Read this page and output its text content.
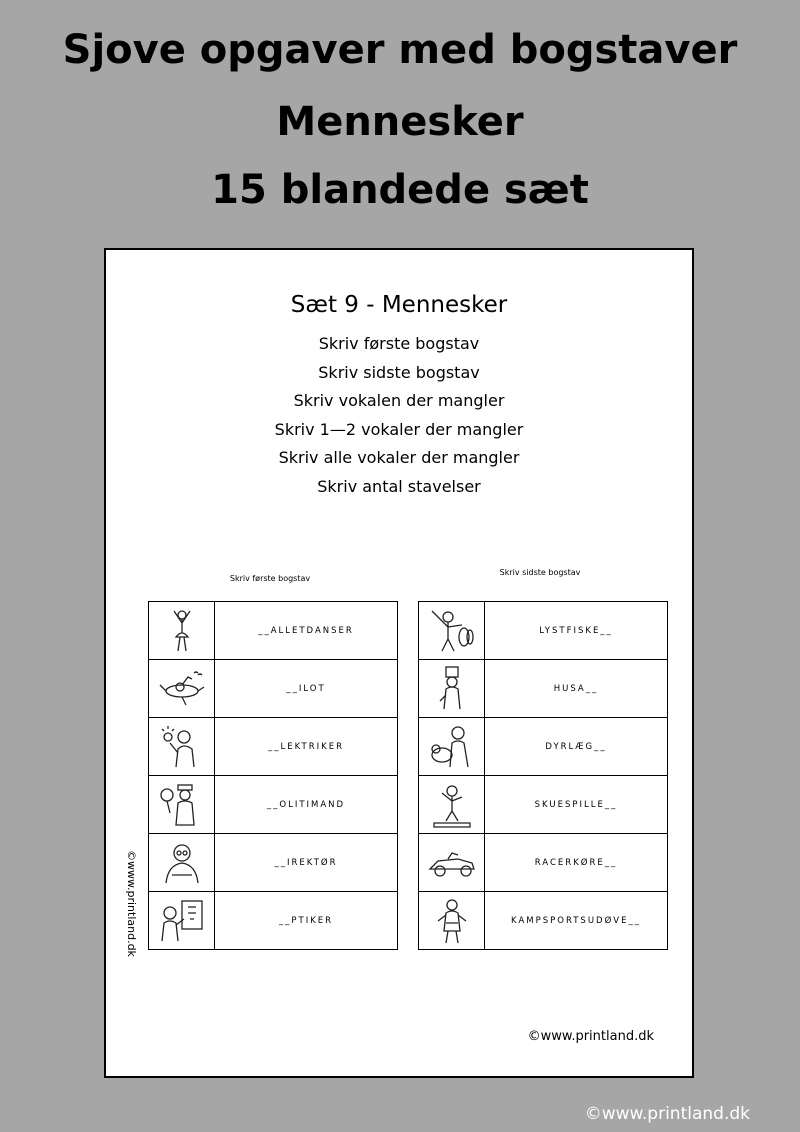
Sjove opgaver med bogstaver
Mennesker
15 blandede sæt
Sæt 9 - Mennesker
Skriv første bogstav
Skriv sidste bogstav
Skriv vokalen der mangler
Skriv 1—2 vokaler der mangler
Skriv alle vokaler der mangler
Skriv antal stavelser
Skriv første bogstav
Skriv sidste bogstav
__ALLETDANSER
__ILOT
__LEKTRIKER
__OLITIMAND
__IREKTØR
__PTIKER
LYSTFISKE__
HUSA__
DYRLÆG__
SKUESPILLE__
RACERKØRE__
KAMPSPORTSUDØVE__
©www.printland.dk
©www.printland.dk
©www.printland.dk
